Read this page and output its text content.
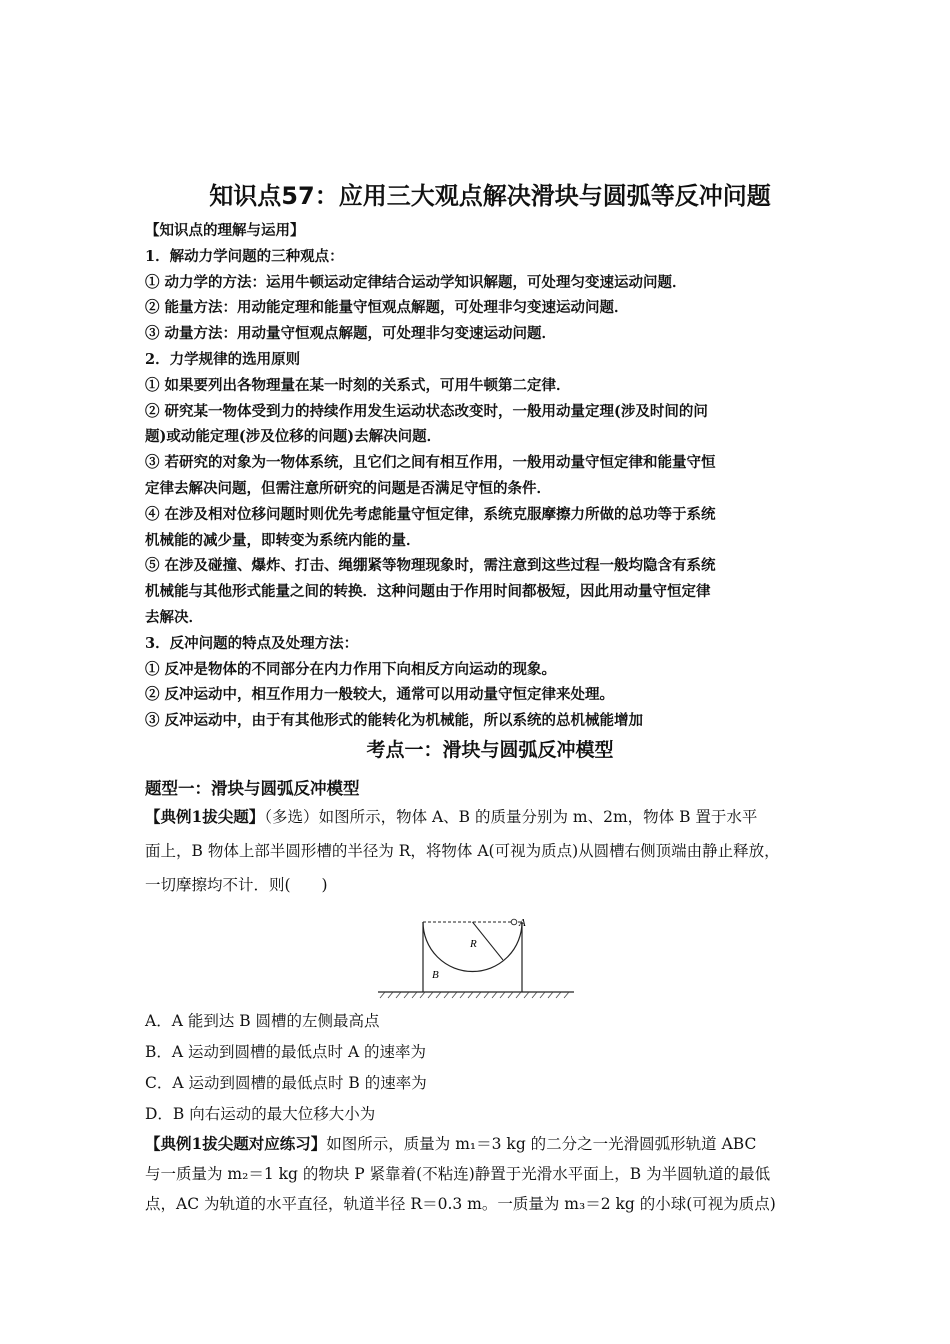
知识点57：应用三大观点解决滑块与圆弧等反冲问题

【知识点的理解与运用】

1．解动力学问题的三种观点：

① 动力学的方法：运用牛顿运动定律结合运动学知识解题，可处理匀变速运动问题．

② 能量方法：用动能定理和能量守恒观点解题，可处理非匀变速运动问题．

③ 动量方法：用动量守恒观点解题，可处理非匀变速运动问题．

2．力学规律的选用原则

① 如果要列出各物理量在某一时刻的关系式，可用牛顿第二定律．

② 研究某一物体受到力的持续作用发生运动状态改变时，一般用动量定理(涉及时间的问

题)或动能定理(涉及位移的问题)去解决问题．

③ 若研究的对象为一物体系统，且它们之间有相互作用，一般用动量守恒定律和能量守恒

定律去解决问题，但需注意所研究的问题是否满足守恒的条件．

④ 在涉及相对位移问题时则优先考虑能量守恒定律，系统克服摩擦力所做的总功等于系统

机械能的减少量，即转变为系统内能的量．

⑤ 在涉及碰撞、爆炸、打击、绳绷紧等物理现象时，需注意到这些过程一般均隐含有系统

机械能与其他形式能量之间的转换．这种问题由于作用时间都极短，因此用动量守恒定律

去解决．

3．反冲问题的特点及处理方法：

① 反冲是物体的不同部分在内力作用下向相反方向运动的现象。

② 反冲运动中，相互作用力一般较大，通常可以用动量守恒定律来处理。

③ 反冲运动中，由于有其他形式的能转化为机械能，所以系统的总机械能增加

考点一：滑块与圆弧反冲模型
题型一：滑块与圆弧反冲模型

【典例1拔尖题】（多选）如图所示，物体 A、B 的质量分别为 m、2m，物体 B 置于水平

面上，B 物体上部半圆形槽的半径为 R，将物体 A(可视为质点)从圆槽右侧顶端由静止释放，

一切摩擦均不计．则(　　)

A
R
B

A．A 能到达 B 圆槽的左侧最高点

B．A 运动到圆槽的最低点时 A 的速率为

C．A 运动到圆槽的最低点时 B 的速率为

D．B 向右运动的最大位移大小为

【典例1拔尖题对应练习】如图所示，质量为 m₁＝3 kg 的二分之一光滑圆弧形轨道 ABC

与一质量为 m₂＝1 kg 的物块 P 紧靠着(不粘连)静置于光滑水平面上，B 为半圆轨道的最低

点，AC 为轨道的水平直径，轨道半径 R＝0.3 m。一质量为 m₃＝2 kg 的小球(可视为质点)
